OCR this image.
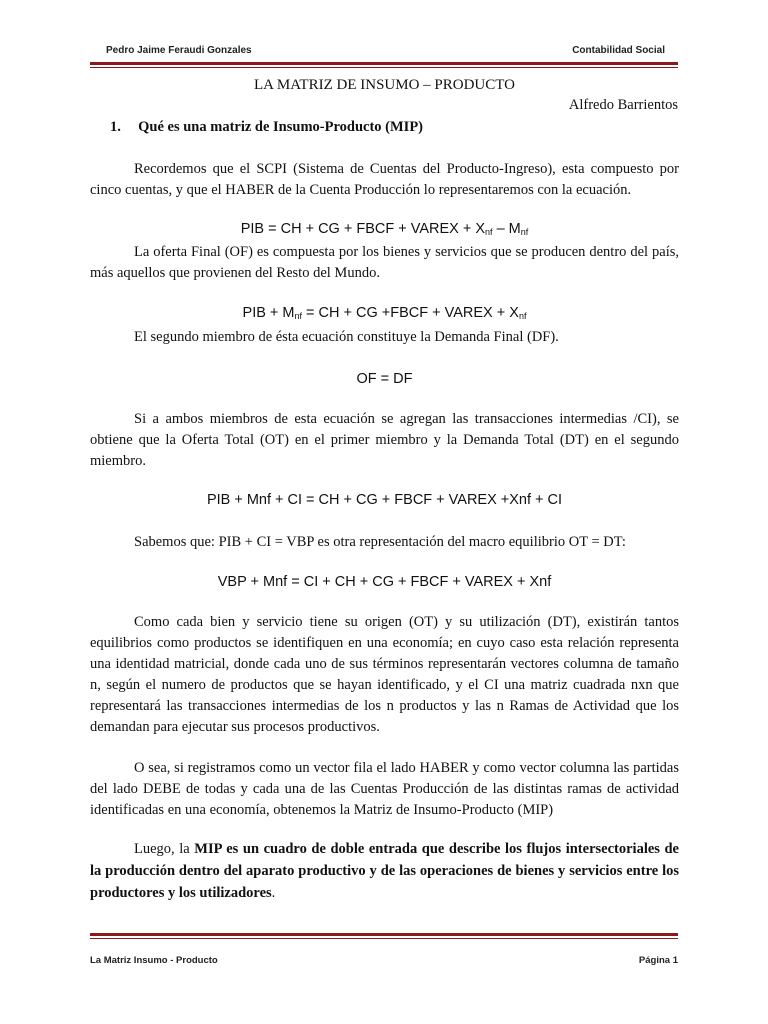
Pedro Jaime Feraudi Gonzales	Contabilidad Social
LA MATRIZ DE INSUMO – PRODUCTO
Alfredo Barrientos
1. Qué es una matriz de Insumo-Producto (MIP)
Recordemos que el SCPI (Sistema de Cuentas del Producto-Ingreso), esta compuesto por cinco cuentas, y que el HABER de la Cuenta Producción lo representaremos con la ecuación.
PIB = CH + CG + FBCF + VAREX + $X_{nf} - M_{nf}$
La oferta Final (OF) es compuesta por los bienes y servicios que se producen dentro del país, más aquellos que provienen del Resto del Mundo.
PIB + $M_{nf}$ = CH + CG +FBCF + VAREX + $X_{nf}$
El segundo miembro de ésta ecuación constituye la Demanda Final (DF).
OF = DF
Si a ambos miembros de esta ecuación se agregan las transacciones intermedias /CI), se obtiene que la Oferta Total (OT) en el primer miembro y la Demanda Total (DT) en el segundo miembro.
PIB + Mnf + CI = CH + CG + FBCF + VAREX +Xnf + CI
Sabemos que: PIB + CI = VBP es otra representación del macro equilibrio OT = DT:
VBP + Mnf = CI + CH + CG + FBCF + VAREX + Xnf
Como cada bien y servicio tiene su origen (OT) y su utilización (DT), existirán tantos equilibrios como productos se identifiquen en una economía; en cuyo caso esta relación representa una identidad matricial, donde cada uno de sus términos representarán vectores columna de tamaño n, según el numero de productos que se hayan identificado, y el CI una matriz cuadrada nxn que representará las transacciones intermedias de los n productos y las n Ramas de Actividad que los demandan para ejecutar sus procesos productivos.
O sea, si registramos como un vector fila el lado HABER y como vector columna las partidas del lado DEBE de todas y cada una de las Cuentas Producción de las distintas ramas de actividad identificadas en una economía, obtenemos la Matriz de Insumo-Producto (MIP)
Luego, la MIP es un cuadro de doble entrada que describe los flujos intersectoriales de la producción dentro del aparato productivo y de las operaciones de bienes y servicios entre los productores y los utilizadores.
La Matriz Insumo - Producto	Página 1
